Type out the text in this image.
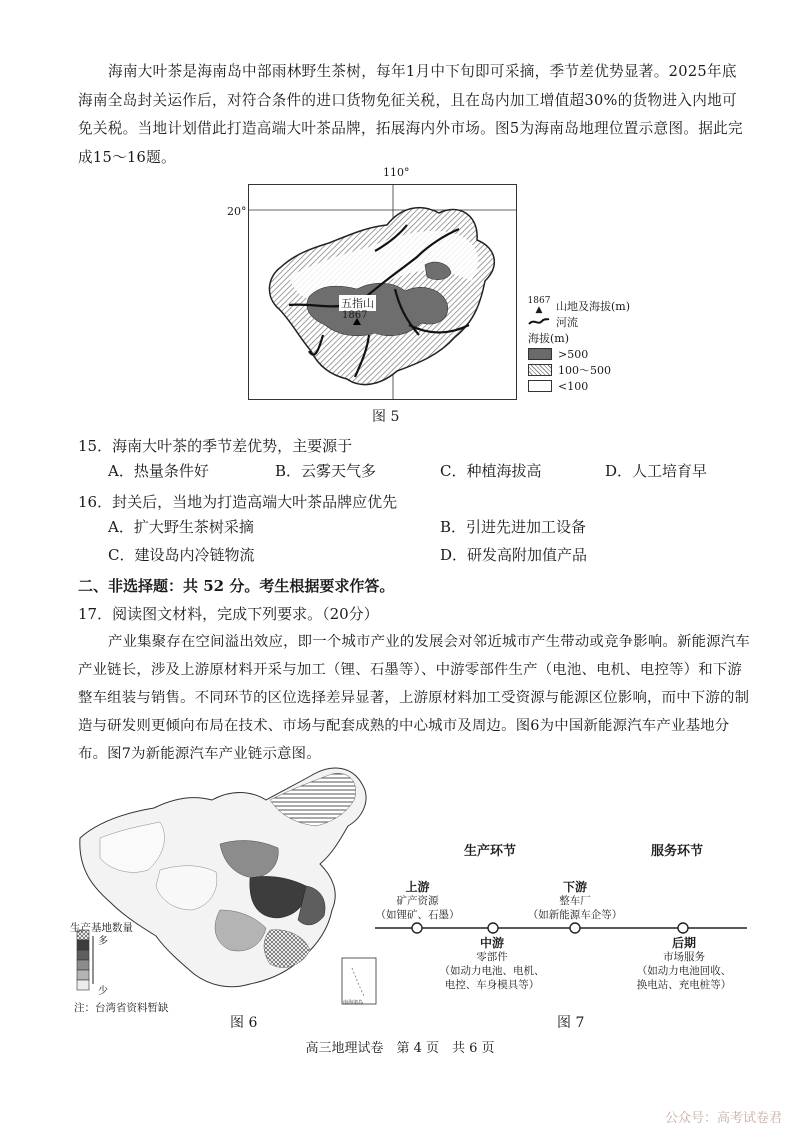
海南大叶茶是海南岛中部雨林野生茶树，每年1月中下旬即可采摘，季节差优势显著。2025年底海南全岛封关运作后，对符合条件的进口货物免征关税，且在岛内加工增值超30%的货物进入内地可免关税。当地计划借此打造高端大叶茶品牌，拓展海内外市场。图5为海南岛地理位置示意图。据此完成15～16题。
110°
20°
五指山
1867
1867
▲ 山地及海拔(m)
河流
海拔(m)
>500
100～500
<100
图 5
15．海南大叶茶的季节差优势，主要源于
A．热量条件好	B．云雾天气多	C．种植海拔高	D．人工培育早
16．封关后，当地为打造高端大叶茶品牌应优先
A．扩大野生茶树采摘	B．引进先进加工设备
C．建设岛内冷链物流	D．研发高附加值产品
二、非选择题：共 52 分。考生根据要求作答。
17．阅读图文材料，完成下列要求。（20分）
产业集聚存在空间溢出效应，即一个城市产业的发展会对邻近城市产生带动或竞争影响。新能源汽车产业链长，涉及上游原材料开采与加工（锂、石墨等）、中游零部件生产（电池、电机、电控等）和下游整车组装与销售。不同环节的区位选择差异显著，上游原材料加工受资源与能源区位影响，而中下游的制造与研发则更倾向布局在技术、市场与配套成熟的中心城市及周边。图6为中国新能源汽车产业基地分布。图7为新能源汽车产业链示意图。
生产基地数量
多
少
注：台湾省资料暂缺	南海诸岛
图 6
生产环节	服务环节
上游
矿产资源
（如锂矿、石墨）
下游
整车厂
（如新能源车企等）
中游
零部件
（如动力电池、电机、
电控、车身模具等）
后期
市场服务
（如动力电池回收、
换电站、充电桩等）
图 7
高三地理试卷　第 4 页　共 6 页
公众号：高考试卷君
